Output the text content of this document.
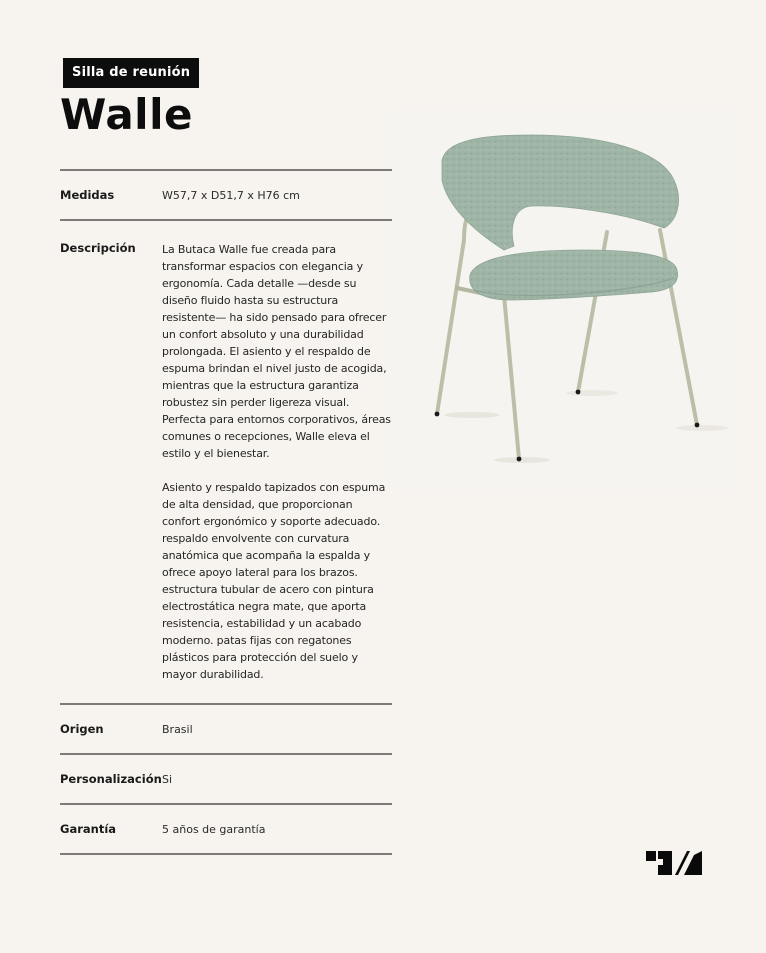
Silla de reunión
Walle
Medidas	W57,7 x D51,7 x H76 cm
Descripción	La Butaca Walle fue creada para transformar espacios con elegancia y ergonomía. Cada detalle —desde su diseño fluido hasta su estructura resistente— ha sido pensado para ofrecer un confort absoluto y una durabilidad prolongada. El asiento y el respaldo de espuma brindan el nivel justo de acogida, mientras que la estructura garantiza robustez sin perder ligereza visual. Perfecta para entornos corporativos, áreas comunes o recepciones, Walle eleva el estilo y el bienestar.

Asiento y respaldo tapizados con espuma de alta densidad, que proporcionan confort ergonómico y soporte adecuado. respaldo envolvente con curvatura anatómica que acompaña la espalda y ofrece apoyo lateral para los brazos. estructura tubular de acero con pintura electrostática negra mate, que aporta resistencia, estabilidad y un acabado moderno. patas fijas con regatones plásticos para protección del suelo y mayor durabilidad.

Origen	Brasil
Personalización Si
Garantía	5 años de garantía
